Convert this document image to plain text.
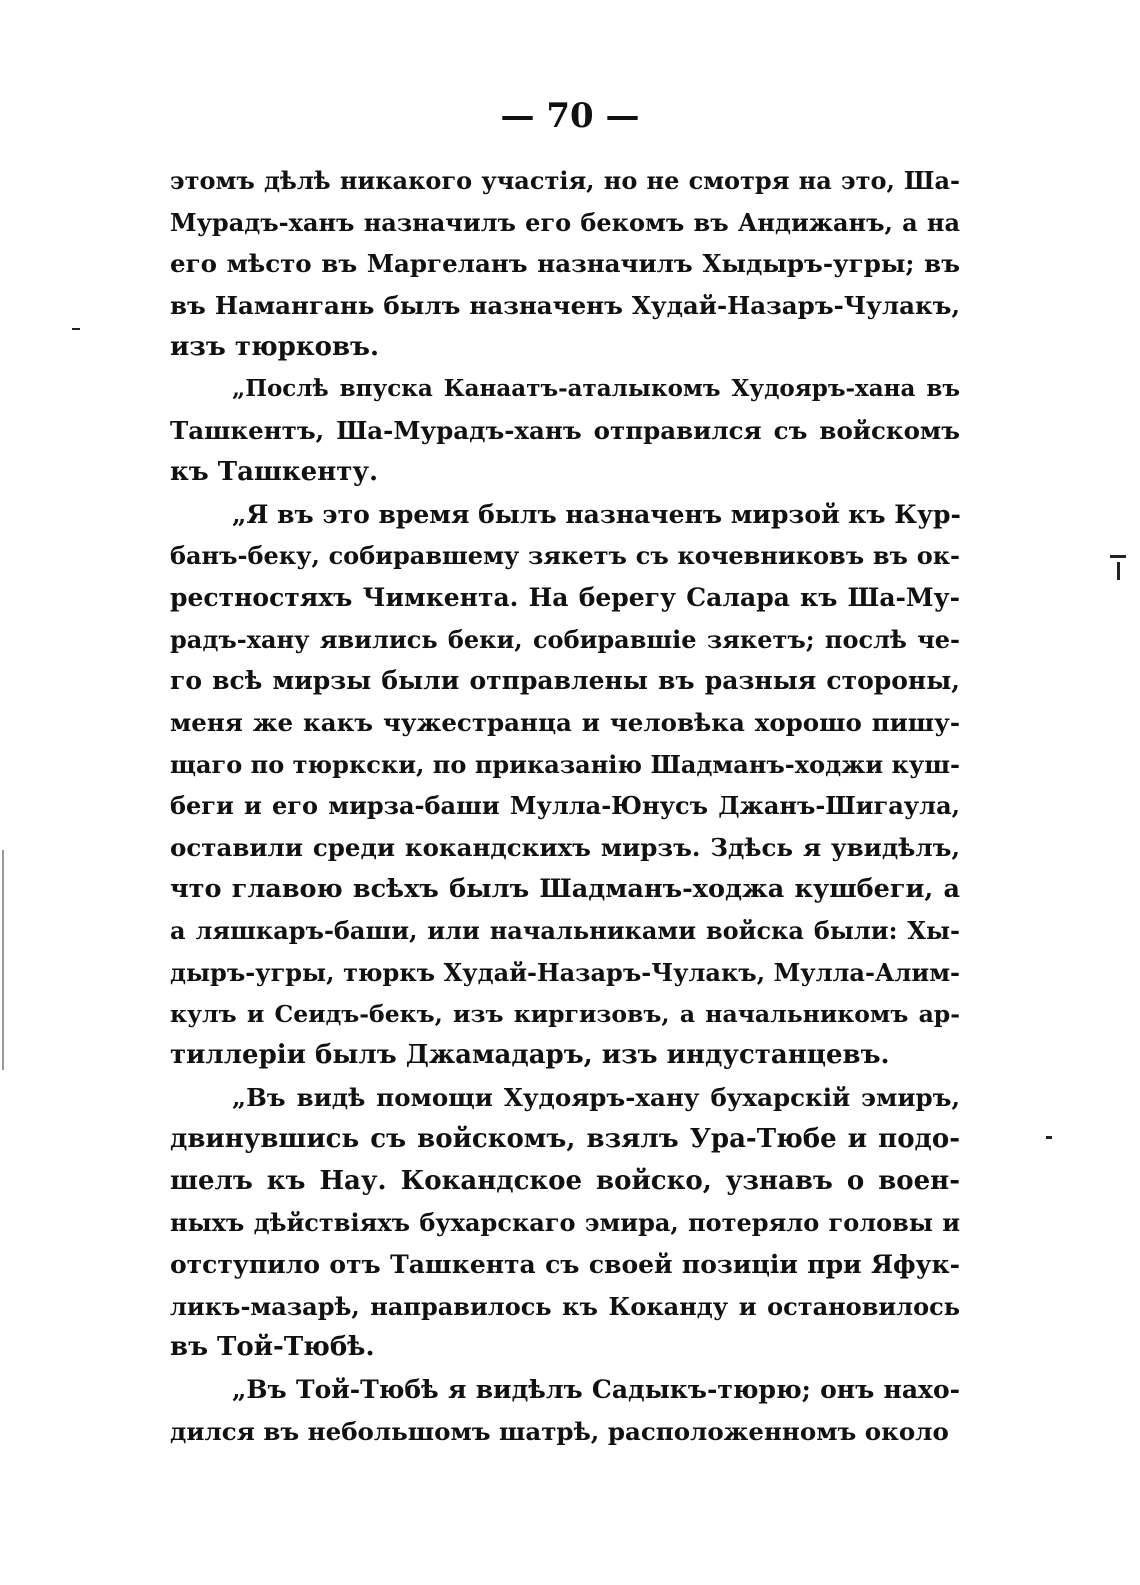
— 70 —
этомъ дѣлѣ никакого участія, но не смотря на это, Ша-
Мурадъ-ханъ назначилъ его бекомъ въ Андижанъ, а на
его мѣсто въ Маргеланъ назначилъ Хыдыръ-угры; въ
въ Намангань былъ назначенъ Худай-Назаръ-Чулакъ,
изъ тюрковъ.
„Послѣ впуска Канаатъ-аталыкомъ Худояръ-хана въ
Ташкентъ, Ша-Мурадъ-ханъ отправился съ войскомъ
къ Ташкенту.
„Я въ это время былъ назначенъ мирзой къ Кур-
банъ-беку, собиравшему зякетъ съ кочевниковъ въ ок-
рестностяхъ Чимкента. На берегу Салара къ Ша-Му-
радъ-хану явились беки, собиравшіе зякетъ; послѣ че-
го всѣ мирзы были отправлены въ разныя стороны,
меня же какъ чужестранца и человѣка хорошо пишу-
щаго по тюркски, по приказанію Шадманъ-ходжи куш-
беги и его мирза-баши Мулла-Юнусъ Джанъ-Шигаула,
оставили среди кокандскихъ мирзъ. Здѣсь я увидѣлъ,
что главою всѣхъ былъ Шадманъ-ходжа кушбеги, а
а ляшкаръ-баши, или начальниками войска были: Хы-
дыръ-угры, тюркъ Худай-Назаръ-Чулакъ, Мулла-Алим-
кулъ и Сеидъ-бекъ, изъ киргизовъ, а начальникомъ ар-
тиллеріи былъ Джамадаръ, изъ индустанцевъ.
„Въ видѣ помощи Худояръ-хану бухарскій эмиръ,
двинувшись съ войскомъ, взялъ Ура-Тюбе и подо-
шелъ къ Нау. Кокандское войско, узнавъ о воен-
ныхъ дѣйствіяхъ бухарскаго эмира, потеряло головы и
отступило отъ Ташкента съ своей позиціи при Яфук-
ликъ-мазарѣ, направилось къ Коканду и остановилось
въ Той-Тюбѣ.
„Въ Той-Тюбѣ я видѣлъ Садыкъ-тюрю; онъ нахо-
дился въ небольшомъ шатрѣ, расположенномъ около
